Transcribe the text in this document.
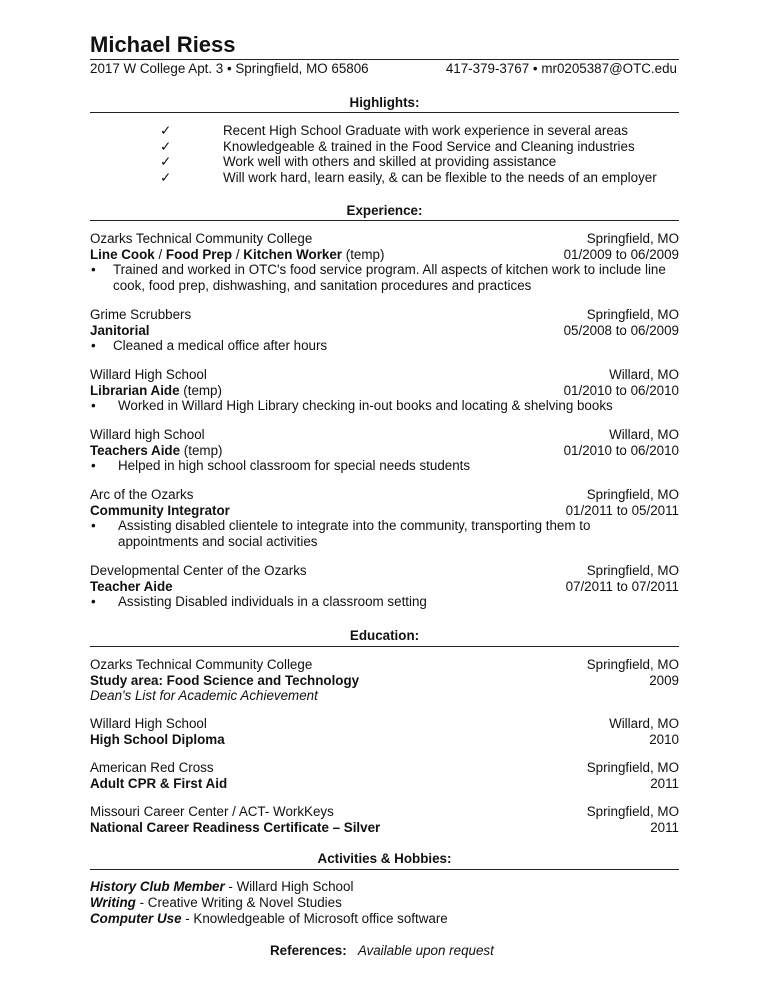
Michael Riess
2017 W College Apt. 3 • Springfield, MO 65806	417-379-3767 • mr0205387@OTC.edu
Highlights:
✓	Recent High School Graduate with work experience in several areas
✓	Knowledgeable & trained in the Food Service and Cleaning industries
✓	Work well with others and skilled at providing assistance
✓	Will work hard, learn easily, & can be flexible to the needs of an employer
Experience:
Ozarks Technical Community College	Springfield, MO
Line Cook / Food Prep / Kitchen Worker (temp)	01/2009 to 06/2009
•	Trained and worked in OTC's food service program. All aspects of kitchen work to include line cook, food prep, dishwashing, and sanitation procedures and practices
Grime Scrubbers	Springfield, MO
Janitorial	05/2008 to 06/2009
•	Cleaned a medical office after hours
Willard High School	Willard, MO
Librarian Aide (temp)	01/2010 to 06/2010
•	Worked in Willard High Library checking in-out books and locating & shelving books
Willard high School	Willard, MO
Teachers Aide (temp)	01/2010 to 06/2010
•	Helped in high school classroom for special needs students
Arc of the Ozarks	Springfield, MO
Community Integrator	01/2011 to 05/2011
•	Assisting disabled clientele to integrate into the community, transporting them to appointments and social activities
Developmental Center of the Ozarks	Springfield, MO
Teacher Aide	07/2011 to 07/2011
•	Assisting Disabled individuals in a classroom setting
Education:
Ozarks Technical Community College	Springfield, MO
Study area: Food Science and Technology	2009
Dean's List for Academic Achievement
Willard High School	Willard, MO
High School Diploma	2010
American Red Cross	Springfield, MO
Adult CPR & First Aid	2011
Missouri Career Center / ACT- WorkKeys	Springfield, MO
National Career Readiness Certificate – Silver	2011
Activities & Hobbies:
History Club Member - Willard High School
Writing - Creative Writing & Novel Studies
Computer Use - Knowledgeable of Microsoft office software
References: Available upon request
